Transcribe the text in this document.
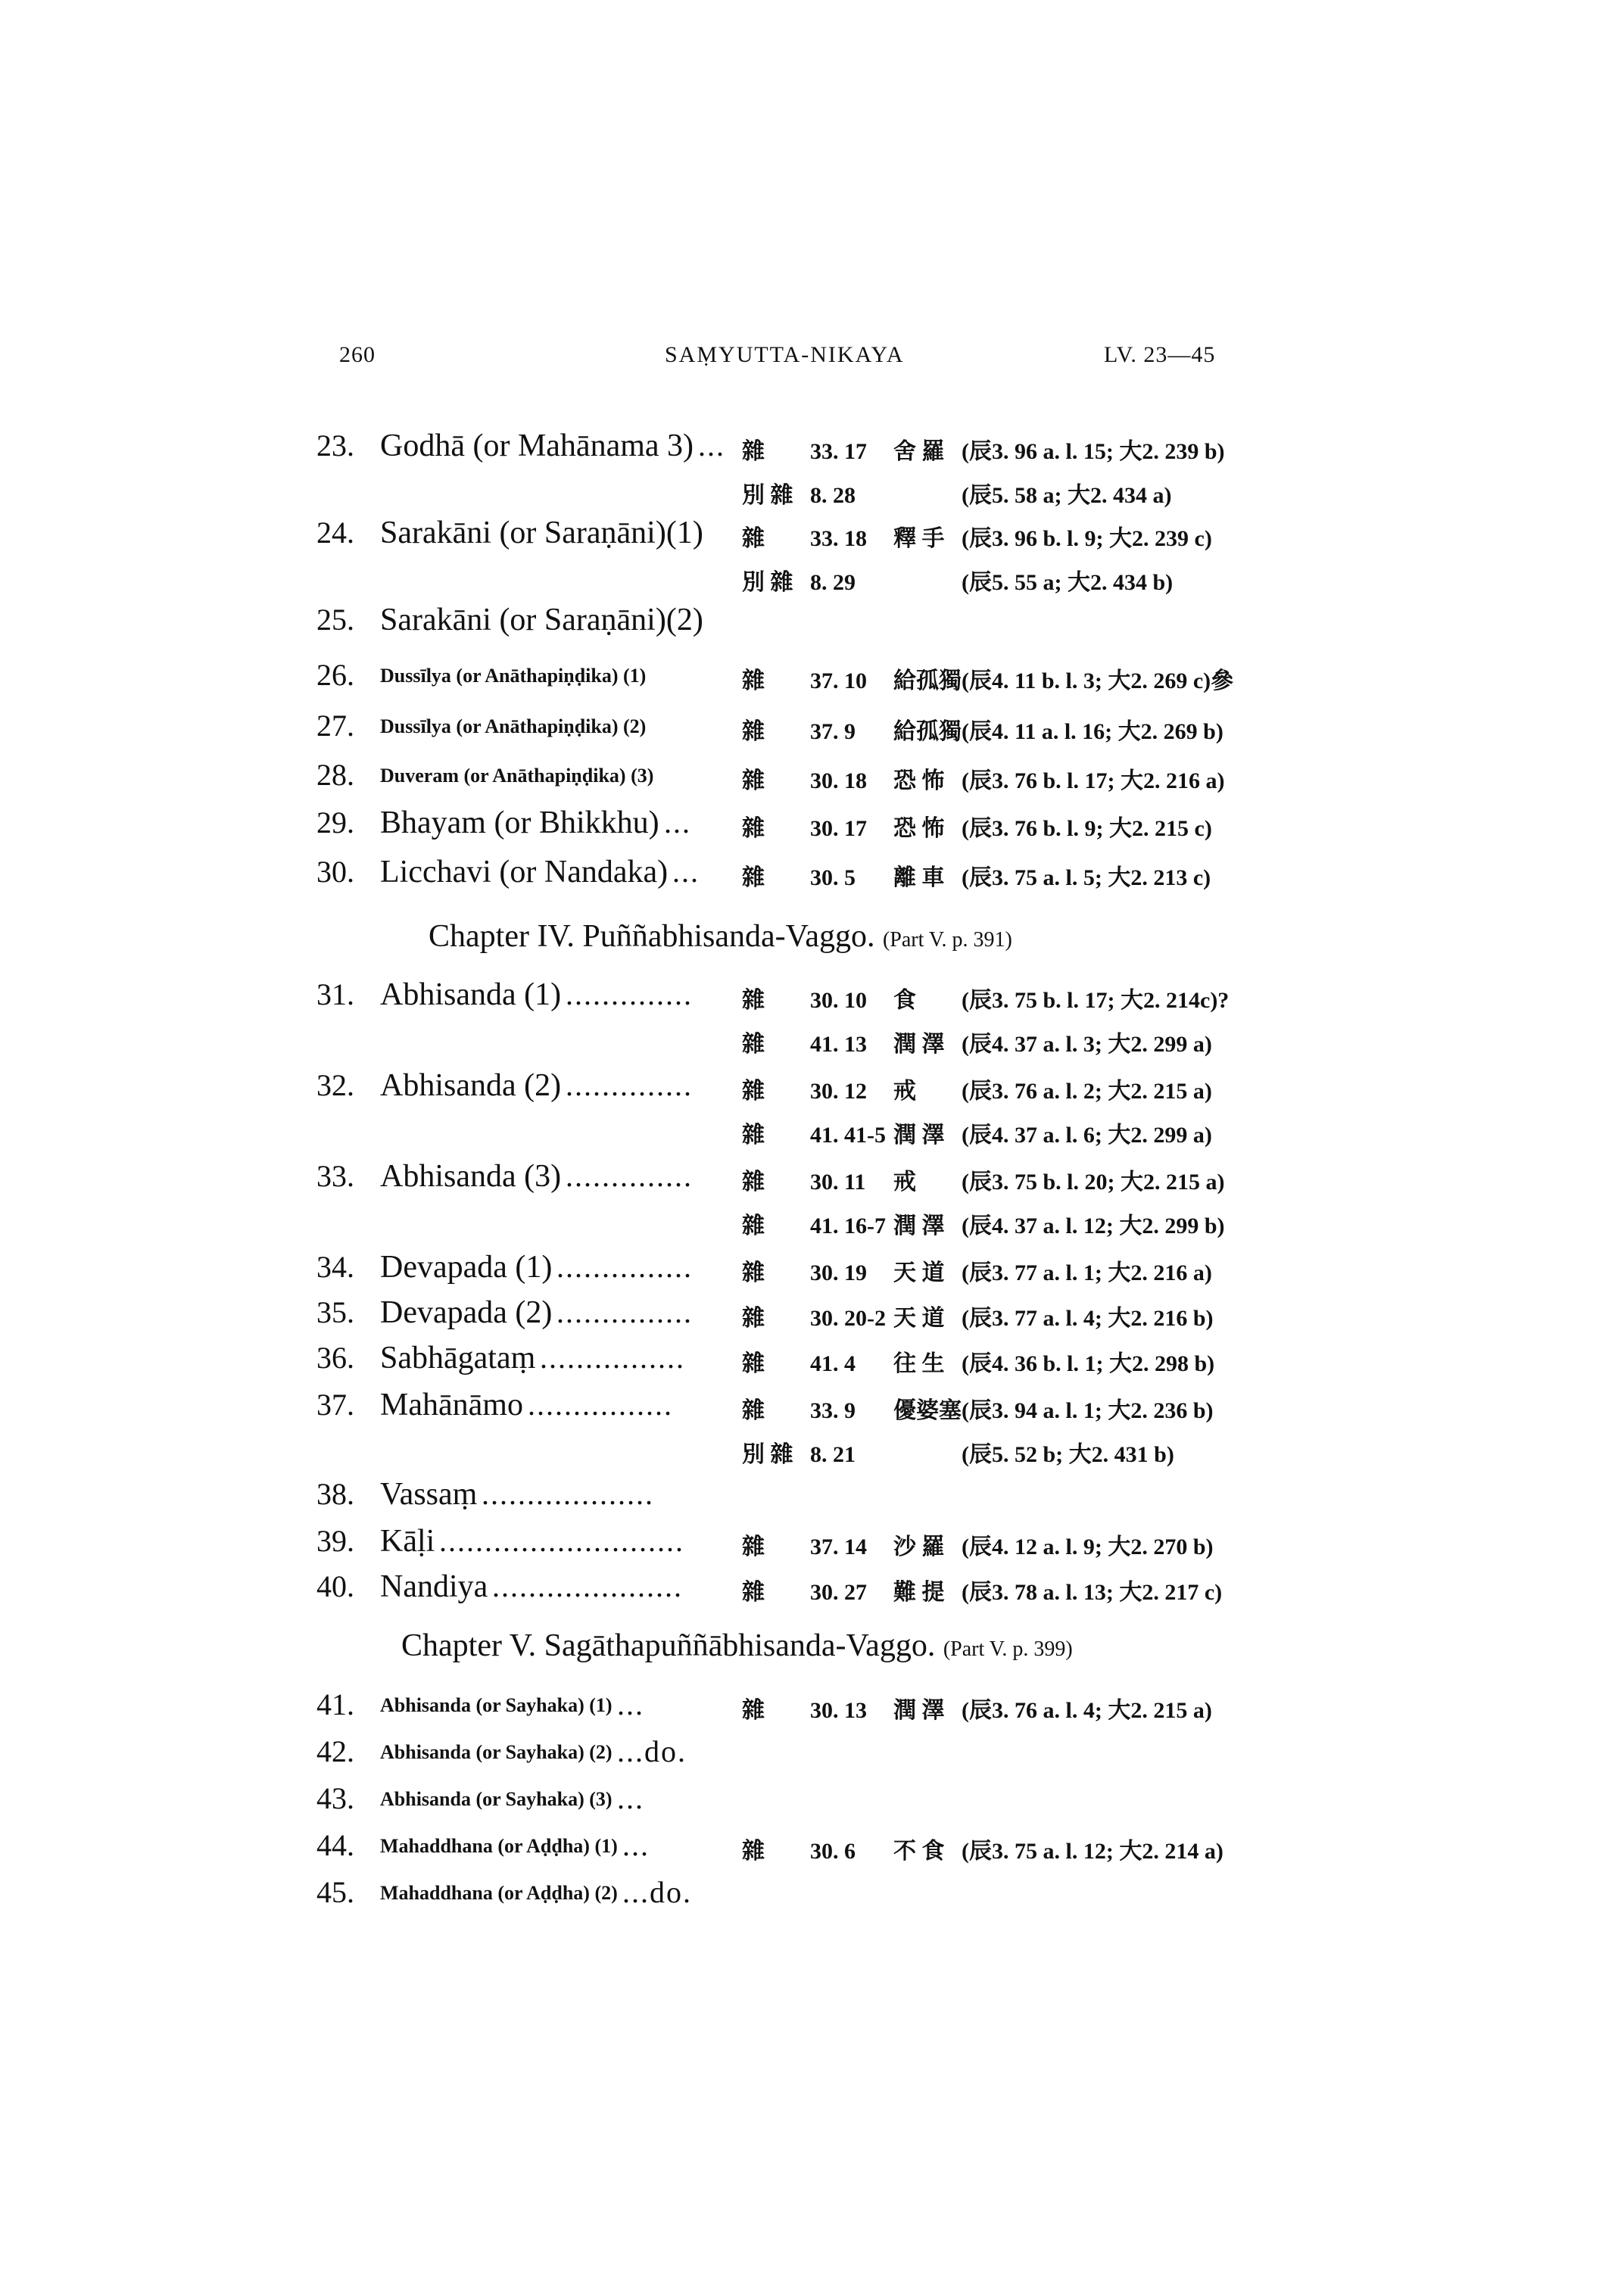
260	SAṂYUTTA-NIKAYA	LV. 23—45
23. Godhā (or Mahānama 3) ... 雜 33. 17 舍 羅 (辰3. 96 a. l. 15; 大2. 239 b)
別 雜 8. 28	(辰5. 58 a; 大2. 434 a)
24. Sarakāni (or Saraṇāni)(1) 雜 33. 18 釋 手 (辰3. 96 b. l. 9; 大2. 239 c)
別 雜 8. 29	(辰5. 55 a; 大2. 434 b)
25. Sarakāni (or Saraṇāni)(2)
26. Dussīlya (or Anāthapiṇḍika) (1)	雜 37. 10 給孤獨(辰4. 11 b. l. 3; 大2. 269 c)參
27. Dussīlya (or Anāthapiṇḍika) (2)	雜 37. 9 給孤獨(辰4. 11 a. l. 16; 大2. 269 b)
28. Duveram (or Anāthapiṇḍika) (3)	雜 30. 18 恐 怖 (辰3. 76 b. l. 17; 大2. 216 a)
29. Bhayam (or Bhikkhu) ... 雜 30. 17 恐 怖 (辰3. 76 b. l. 9; 大2. 215 c)
30. Licchavi (or Nandaka) ... 雜 30. 5 離 車 (辰3. 75 a. l. 5; 大2. 213 c)
Chapter IV. Puññabhisanda-Vaggo. (Part V. p. 391)
31. Abhisanda (1) .............. 雜 30. 10 食 (辰3. 75 b. l. 17; 大2. 214c)?
雜 41. 13 潤 澤 (辰4. 37 a. l. 3; 大2. 299 a)
32. Abhisanda (2) .............. 雜 30. 12 戒 (辰3. 76 a. l. 2; 大2. 215 a)
雜 41. 41-5 潤 澤 (辰4. 37 a. l. 6; 大2. 299 a)
33. Abhisanda (3) .............. 雜 30. 11 戒 (辰3. 75 b. l. 20; 大2. 215 a)
雜 41. 16-7 潤 澤 (辰4. 37 a. l. 12; 大2. 299 b)
34. Devapada (1) ............... 雜 30. 19 天 道 (辰3. 77 a. l. 1; 大2. 216 a)
35. Devapada (2) ............... 雜 30. 20-2 天 道 (辰3. 77 a. l. 4; 大2. 216 b)
36. Sabhāgataṃ ................	雜 41. 4 往 生 (辰4. 36 b. l. 1; 大2. 298 b)
37. Mahānāmo ................	雜 33. 9 優婆塞(辰3. 94 a. l. 1; 大2. 236 b)
別 雜 8. 21	(辰5. 52 b; 大2. 431 b)
38. Vassaṃ ...................
39. Kāḷi ...........................	雜 37. 14 沙 羅 (辰4. 12 a. l. 9; 大2. 270 b)
40. Nandiya .....................	雜 30. 27 難 提 (辰3. 78 a. l. 13; 大2. 217 c)
Chapter V. Sagāthapuññābhisanda-Vaggo. (Part V. p. 399)
41. Abhisanda (or Sayhaka) (1) ...	雜 30. 13 潤 澤 (辰3. 76 a. l. 4; 大2. 215 a)
42. Abhisanda (or Sayhaka) (2) ...do.
43. Abhisanda (or Sayhaka) (3) ...
44. Mahaddhana (or Aḍḍha) (1) ...	雜 30. 6 不 食 (辰3. 75 a. l. 12; 大2. 214 a)
45. Mahaddhana (or Aḍḍha) (2) ...do.
